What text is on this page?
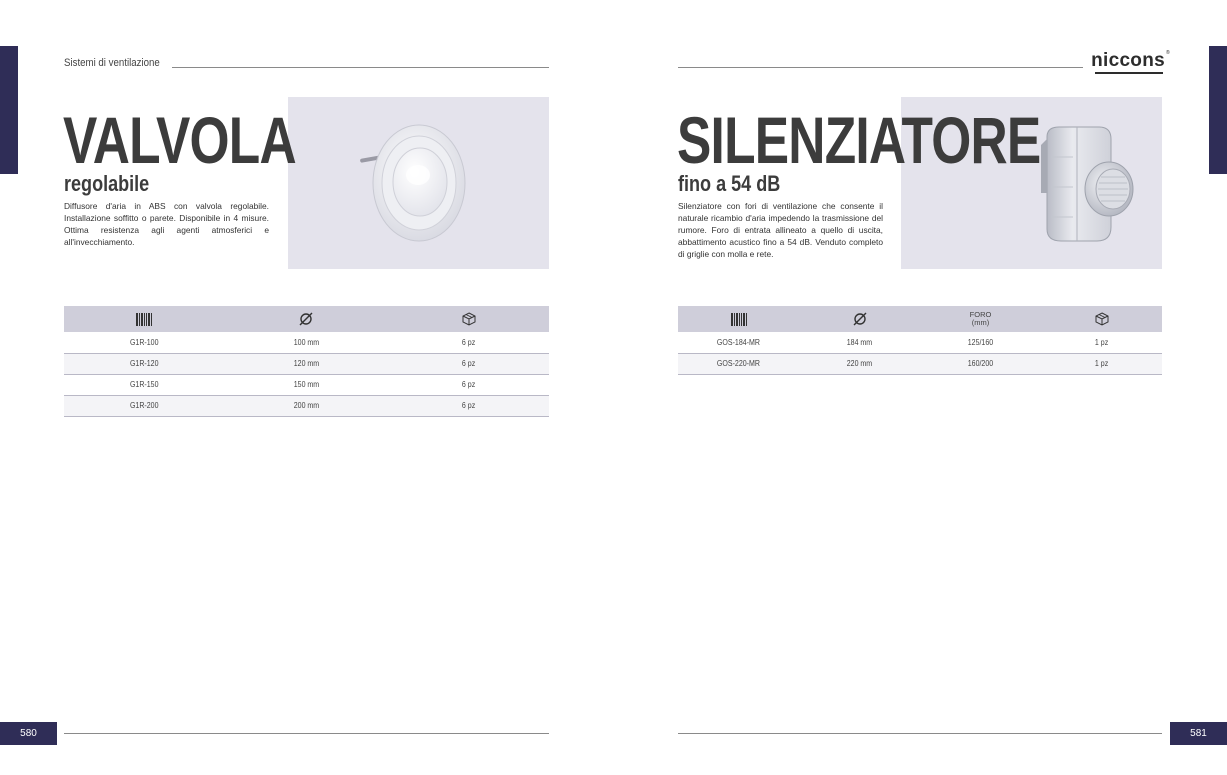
Sistemi di ventilazione	niccons ®
VALVOLA
regolabile
Diffusore d'aria in ABS con valvola regolabile. Installazione soffitto o parete. Disponibile in 4 misure. Ottima resistenza agli agenti atmosferici e all'invecchiamento.

G1R-100	100 mm	6 pz
G1R-120	120 mm	6 pz
G1R-150	150 mm	6 pz
G1R-200	200 mm	6 pz
SILENZIATORE
fino a 54 dB
Silenziatore con fori di ventilazione che consente il naturale ricambio d'aria impedendo la trasmissione del rumore. Foro di entrata allineato a quello di uscita, abbattimento acustico fino a 54 dB. Venduto completo di griglie con molla e rete.
		FORO
(mm)	
GOS-184-MR	184 mm	125/160	1 pz
GOS-220-MR	220 mm	160/200	1 pz
580	581
